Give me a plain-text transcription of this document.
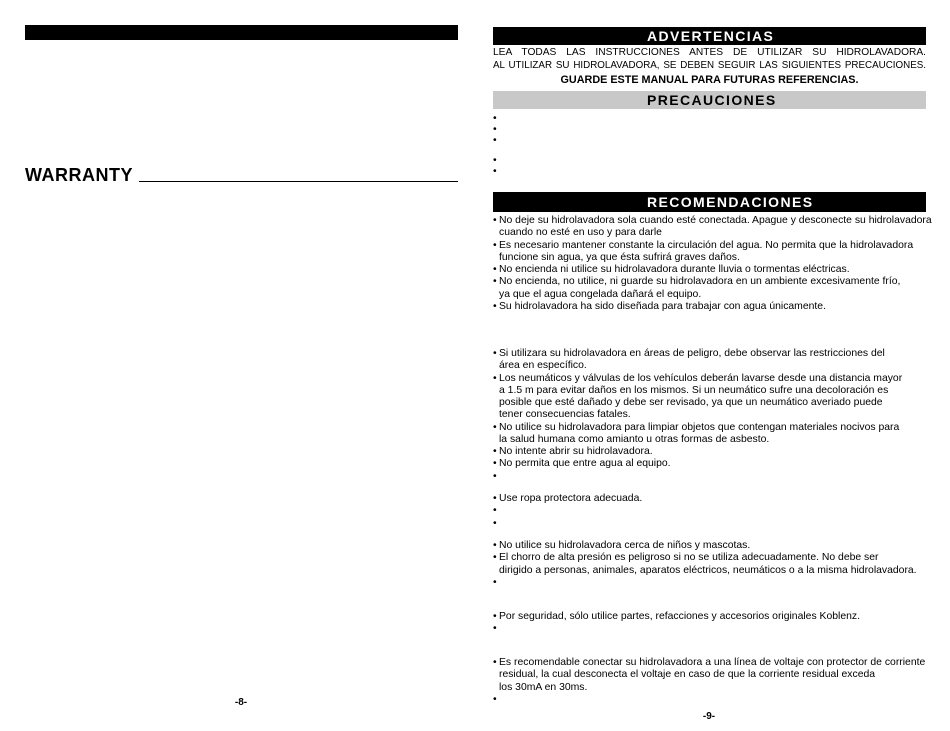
WARRANTY
-8-
ADVERTENCIAS
LEA TODAS LAS INSTRUCCIONES ANTES DE UTILIZAR SU HIDROLAVADORA.
AL UTILIZAR SU HIDROLAVADORA, SE DEBEN SEGUIR LAS SIGUIENTES PRECAUCIONES.
GUARDE ESTE MANUAL PARA FUTURAS REFERENCIAS.
PRECAUCIONES
•
•
•
•
•
RECOMENDACIONES
•
No deje su hidrolavadora sola cuando esté conectada. Apague y desconecte su hidrolavadora
cuando no esté en uso y para darle
•
Es necesario mantener constante la circulación del agua. No permita que la hidrolavadora
funcione sin agua, ya que ésta sufrirá graves daños.
•
No encienda ni utilice su hidrolavadora durante lluvia o tormentas eléctricas.
•
No encienda, no utilice, ni guarde su hidrolavadora en un ambiente excesivamente frío,
ya que el agua congelada dañará el equipo.
•
Su hidrolavadora ha sido diseñada para trabajar con agua únicamente.
•
Si utilizara su hidrolavadora en áreas de peligro, debe observar las restricciones del
área en específico.
•
Los neumáticos y válvulas de los vehículos deberán lavarse desde una distancia mayor
a 1.5 m para evitar daños en los mismos. Si un neumático sufre una decoloración es
posible que esté dañado y debe ser revisado, ya que un neumático averiado puede
tener consecuencias fatales.
•
No utilice su hidrolavadora para limpiar objetos que contengan materiales nocivos para
la salud humana como amianto u otras formas de asbesto.
•
No intente abrir su hidrolavadora.
•
No permita que entre agua al equipo.
•
•
Use ropa protectora adecuada.
•
•
•
No utilice su hidrolavadora cerca de niños y mascotas.
•
El chorro de alta presión es peligroso si no se utiliza adecuadamente. No debe ser
dirigido a personas, animales, aparatos eléctricos, neumáticos o a la misma hidrolavadora.
•
•
Por seguridad, sólo utilice partes, refacciones y accesorios originales Koblenz.
•
•
Es recomendable conectar su hidrolavadora a una línea de voltaje con protector de corriente
residual, la cual desconecta el voltaje en caso de que la corriente residual exceda
los 30mA en 30ms.
•
-9-
